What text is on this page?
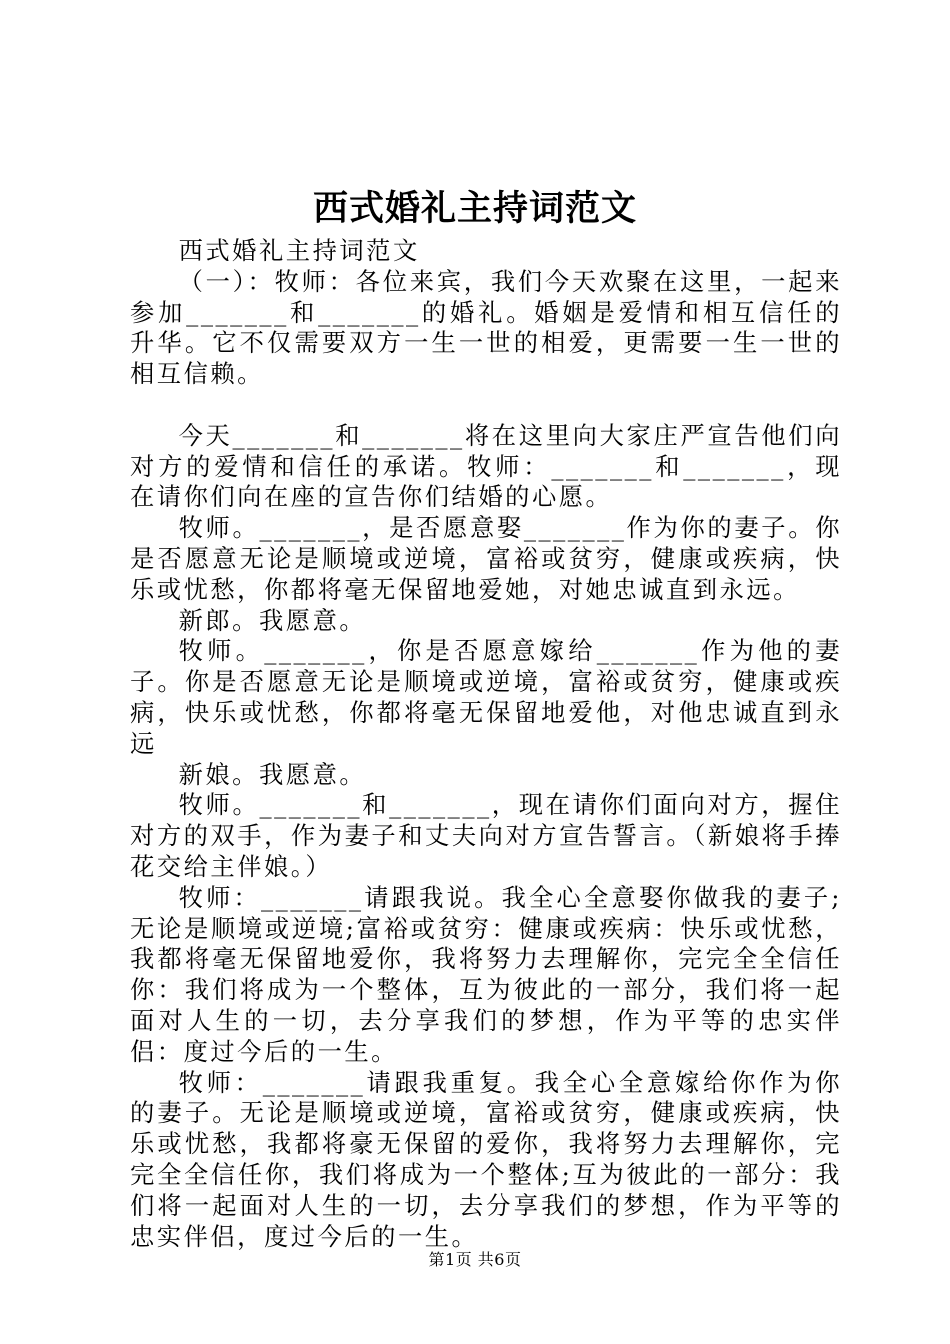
西式婚礼主持词范文

西式婚礼主持词范文

（一）：牧师：各位来宾，我们今天欢聚在这里，一起来参加_______和_______的婚礼。婚姻是爱情和相互信任的升华。它不仅需要双方一生一世的相爱，更需要一生一世的相互信赖。

今天_______和_______将在这里向大家庄严宣告他们向对方的爱情和信任的承诺。牧师：_______和_______，现在请你们向在座的宣告你们结婚的心愿。

牧师。_______，是否愿意娶_______作为你的妻子。你是否愿意无论是顺境或逆境，富裕或贫穷，健康或疾病，快乐或忧愁，你都将毫无保留地爱她，对她忠诚直到永远。

新郎。我愿意。

牧师。_______，你是否愿意嫁给_______作为他的妻子。你是否愿意无论是顺境或逆境，富裕或贫穷，健康或疾病，快乐或忧愁，你都将毫无保留地爱他，对他忠诚直到永远

新娘。我愿意。

牧师。_______和_______，现在请你们面向对方，握住对方的双手，作为妻子和丈夫向对方宣告誓言。（新娘将手捧花交给主伴娘。）

牧师：_______请跟我说。我全心全意娶你做我的妻子;无论是顺境或逆境;富裕或贫穷：健康或疾病：快乐或忧愁，我都将毫无保留地爱你，我将努力去理解你，完完全全信任你：我们将成为一个整体，互为彼此的一部分，我们将一起面对人生的一切，去分享我们的梦想，作为平等的忠实伴侣：度过今后的一生。

牧师：_______请跟我重复。我全心全意嫁给你作为你的妻子。无论是顺境或逆境，富裕或贫穷，健康或疾病，快乐或忧愁，我都将豪无保留的爱你，我将努力去理解你，完完全全信任你，我们将成为一个整体;互为彼此的一部分：我们将一起面对人生的一切，去分享我们的梦想，作为平等的忠实伴侣，度过今后的一生。

第1页 共6页
